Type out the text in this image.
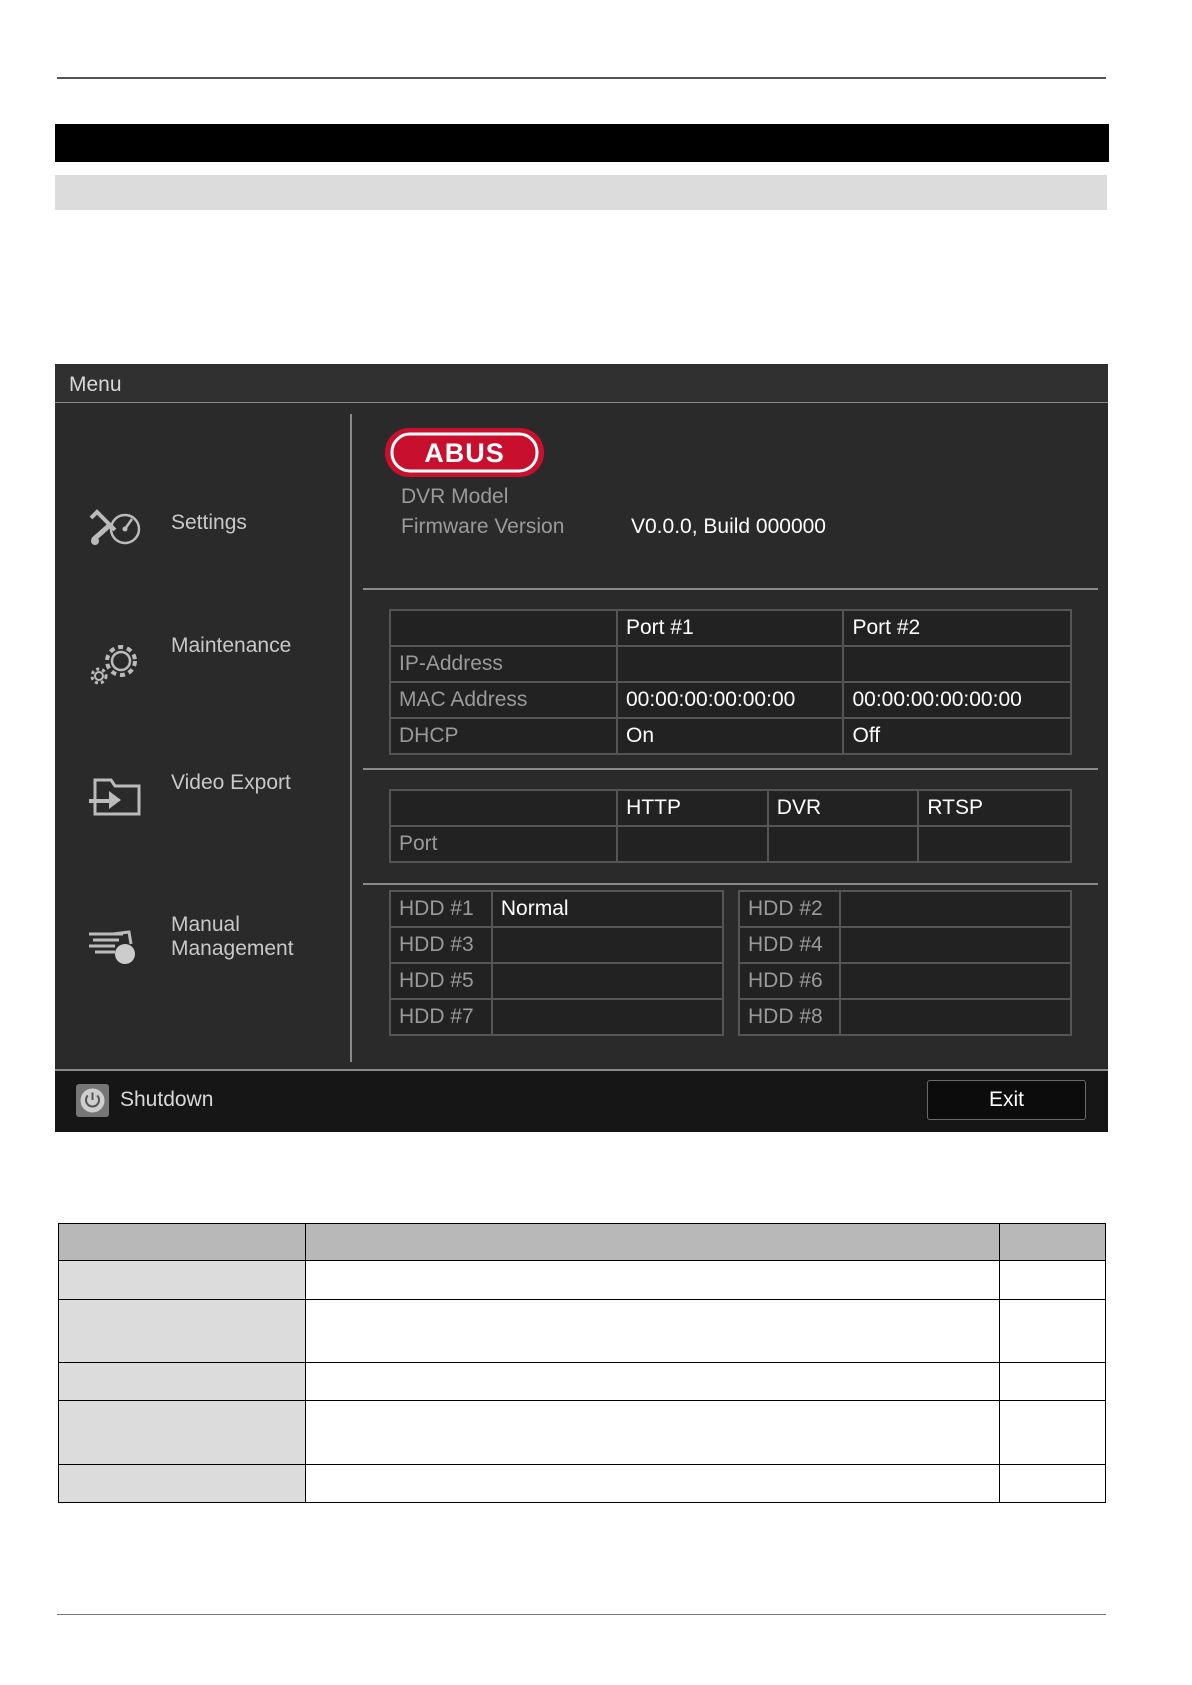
Menu
Settings
Maintenance
Video Export
Manual
Management
ABUS
DVR Model
Firmware Version	V0.0.0, Build 000000
	Port #1	Port #2
IP-Address		
MAC Address	00:00:00:00:00:00	00:00:00:00:00:00
DHCP	On	Off
	HTTP	DVR	RTSP
Port			
HDD #1	Normal
HDD #3	
HDD #5	
HDD #7	
HDD #2	
HDD #4	
HDD #6	
HDD #8	
Shutdown	Exit
